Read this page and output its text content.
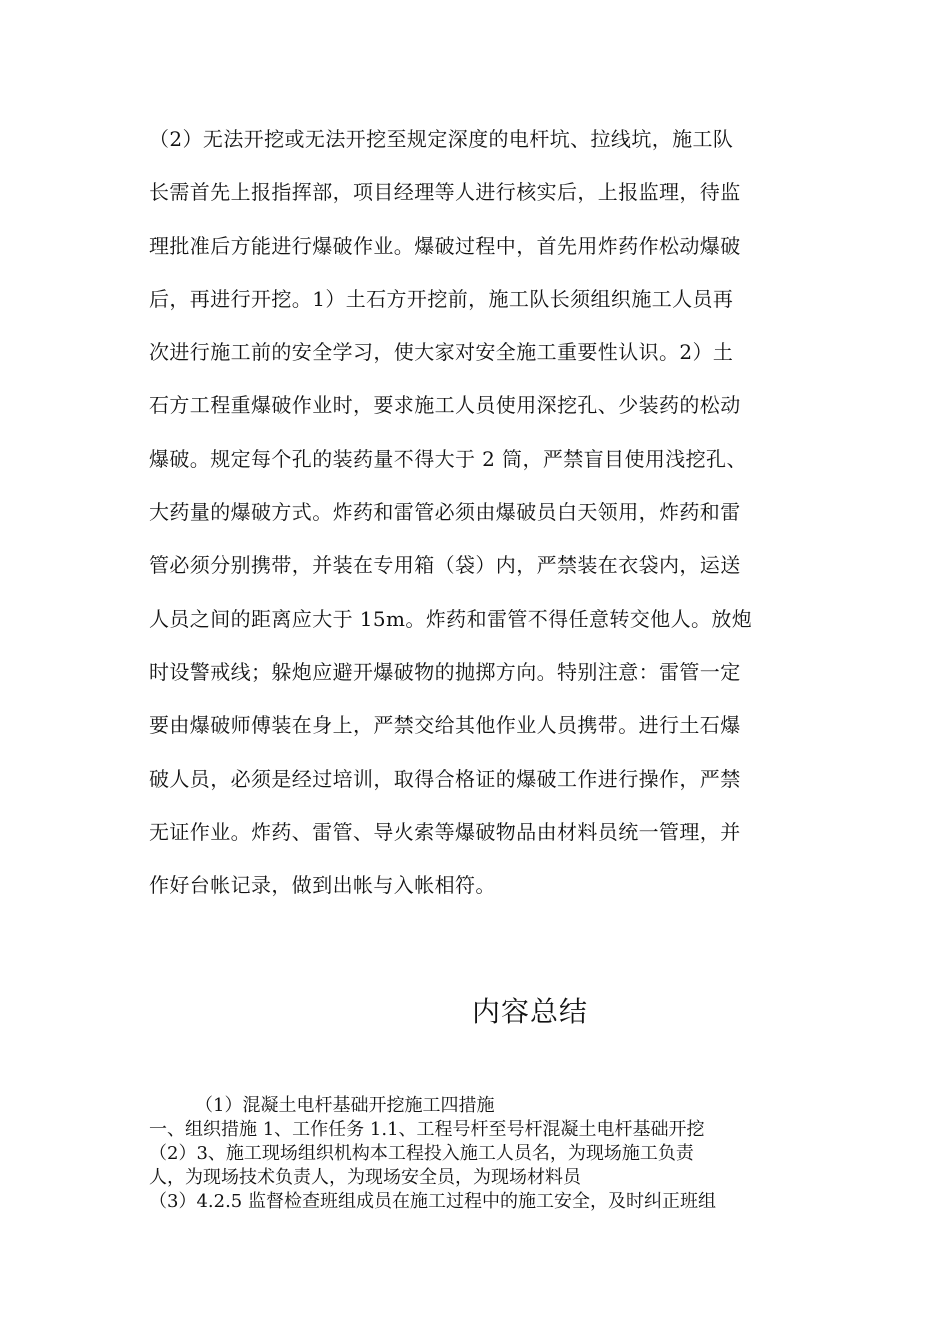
（2）无法开挖或无法开挖至规定深度的电杆坑、拉线坑，施工队
长需首先上报指挥部，项目经理等人进行核实后，上报监理，待监
理批准后方能进行爆破作业。爆破过程中，首先用炸药作松动爆破
后，再进行开挖。1）土石方开挖前，施工队长须组织施工人员再
次进行施工前的安全学习，使大家对安全施工重要性认识。2）土
石方工程重爆破作业时，要求施工人员使用深挖孔、少装药的松动
爆破。规定每个孔的装药量不得大于 2 筒，严禁盲目使用浅挖孔、
大药量的爆破方式。炸药和雷管必须由爆破员白天领用，炸药和雷
管必须分别携带，并装在专用箱（袋）内，严禁装在衣袋内，运送
人员之间的距离应大于 15m。炸药和雷管不得任意转交他人。放炮
时设警戒线；躲炮应避开爆破物的抛掷方向。特别注意：雷管一定
要由爆破师傅装在身上，严禁交给其他作业人员携带。进行土石爆
破人员，必须是经过培训，取得合格证的爆破工作进行操作，严禁
无证作业。炸药、雷管、导火索等爆破物品由材料员统一管理，并
作好台帐记录，做到出帐与入帐相符。
内容总结
（1）混凝土电杆基础开挖施工四措施
一、组织措施 1、工作任务 1.1、工程号杆至号杆混凝土电杆基础开挖
（2）3、施工现场组织机构本工程投入施工人员名，为现场施工负责
人，为现场技术负责人，为现场安全员，为现场材料员
（3）4.2.5 监督检查班组成员在施工过程中的施工安全，及时纠正班组
